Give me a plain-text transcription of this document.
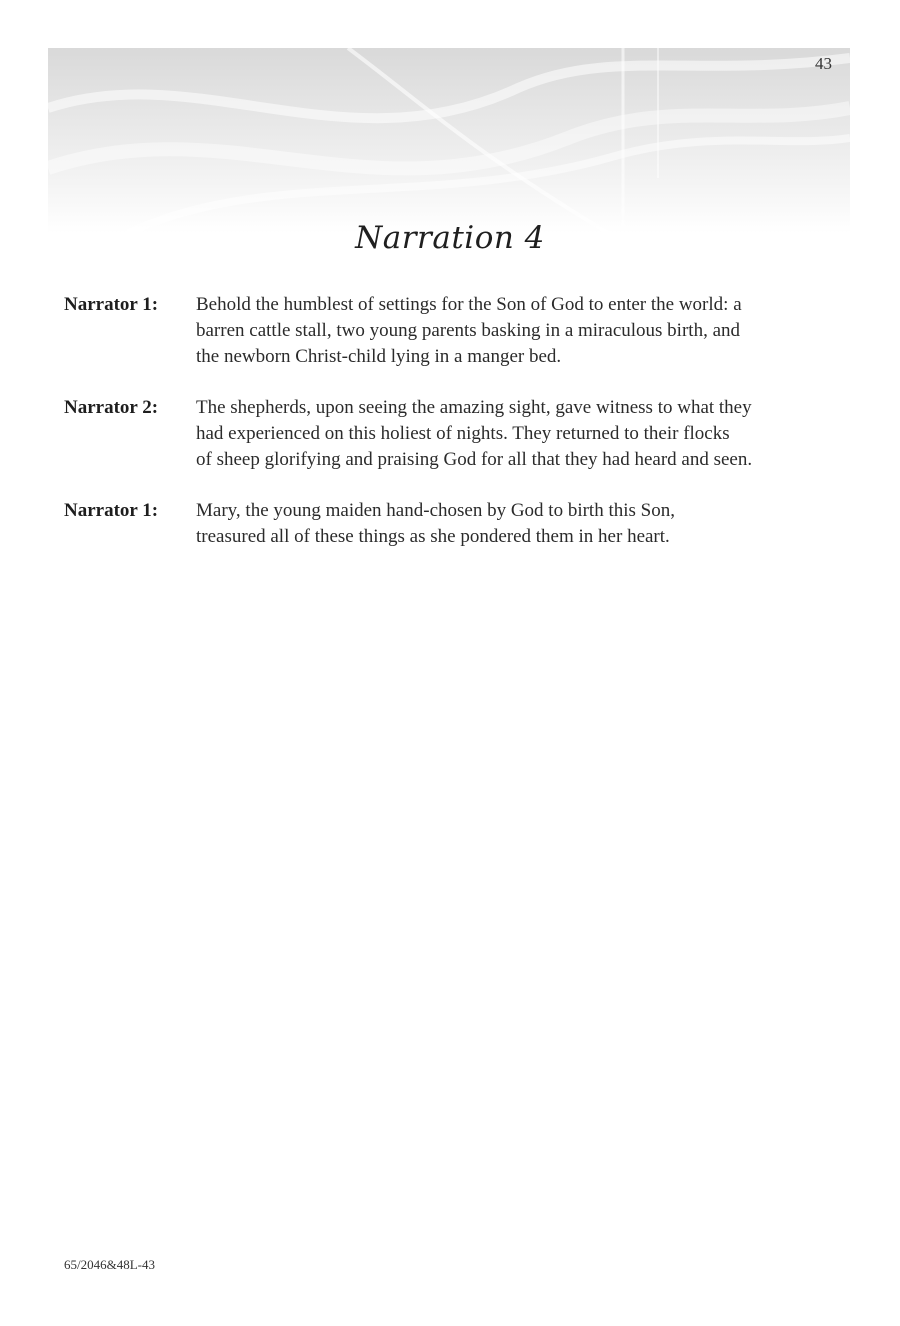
43
Narration 4
Narrator 1:	Behold the humblest of settings for the Son of God to enter the world: a
barren cattle stall, two young parents basking in a miraculous birth, and
the newborn Christ-child lying in a manger bed.
Narrator 2:	The shepherds, upon seeing the amazing sight, gave witness to what they
had experienced on this holiest of nights. They returned to their flocks
of sheep glorifying and praising God for all that they had heard and seen.
Narrator 1:	Mary, the young maiden hand-chosen by God to birth this Son,
treasured all of these things as she pondered them in her heart.
65/2046&48L-43
